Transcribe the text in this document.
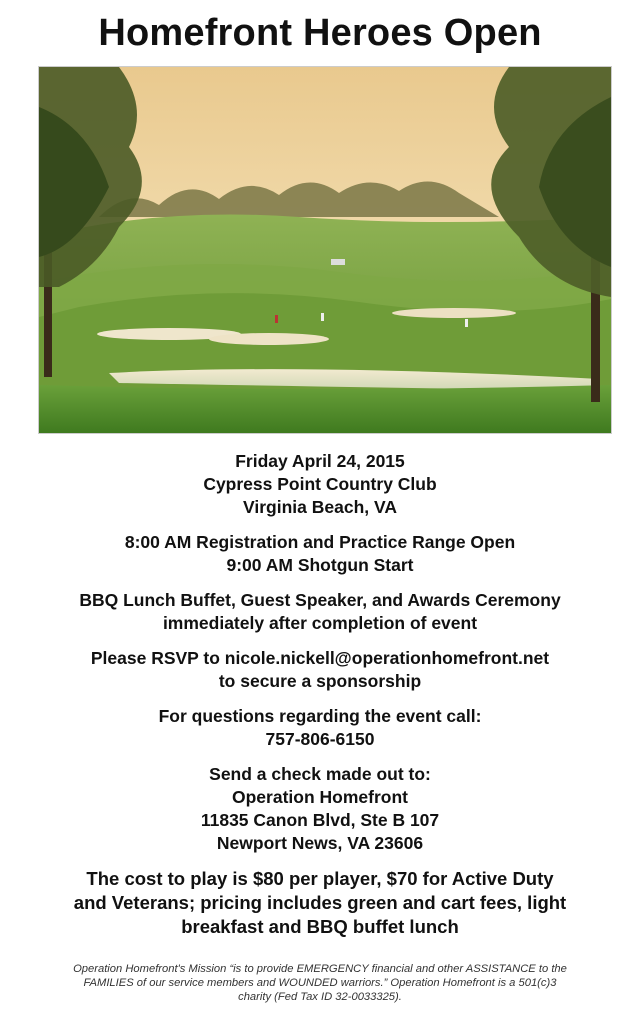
Homefront Heroes Open
Friday April 24, 2015
Cypress Point Country Club
Virginia Beach, VA
8:00 AM Registration and Practice Range Open
9:00 AM Shotgun Start
BBQ Lunch Buffet, Guest Speaker, and Awards Ceremony
immediately after completion of event
Please RSVP to nicole.nickell@operationhomefront.net
to secure a sponsorship
For questions regarding the event call:
757-806-6150
Send a check made out to:
Operation Homefront
11835 Canon Blvd, Ste B 107
Newport News, VA 23606
The cost to play is $80 per player, $70 for Active Duty
and Veterans; pricing includes green and cart fees, light
breakfast and BBQ buffet lunch
Operation Homefront's Mission “is to provide EMERGENCY financial and other ASSISTANCE to the
FAMILIES of our service members and WOUNDED warriors.” Operation Homefront is a 501(c)3
charity (Fed Tax ID 32-0033325).
